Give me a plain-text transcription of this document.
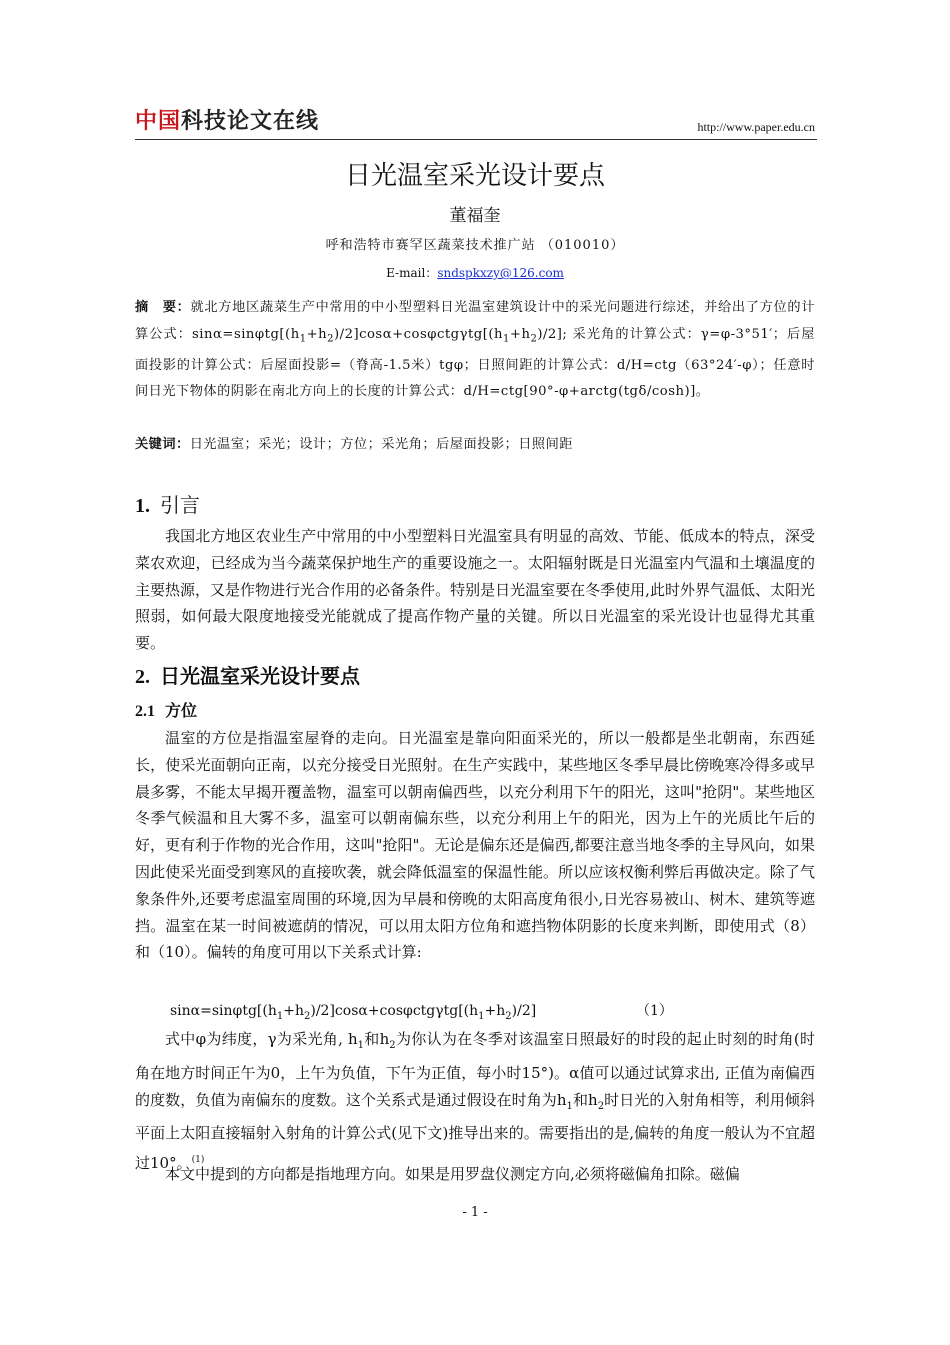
中国科技论文在线	http://www.paper.edu.cn
日光温室采光设计要点
董福奎
呼和浩特市赛罕区蔬菜技术推广站 （010010）
E-mail：sndspkxzy@126.com
摘　要：就北方地区蔬菜生产中常用的中小型塑料日光温室建筑设计中的采光问题进行综述，并给出了方位的计算公式：$\sin\alpha=\sin\varphi tg[(h_1+h_2)/2]\cos\alpha+\cos\varphi ctg\gamma tg[(h_1+h_2)/2]$; 采光角的计算公式：γ=φ-3°51′；后屋面投影的计算公式：后屋面投影=（脊高-1.5米）tgφ；日照间距的计算公式：d/H=ctg（63°24′-φ）；任意时间日光下物体的阴影在南北方向上的长度的计算公式：d/H=ctg[90°-φ+arctg(tgδ/cosh)]。
关键词：日光温室；采光；设计；方位；采光角；后屋面投影；日照间距
1. 引言
我国北方地区农业生产中常用的中小型塑料日光温室具有明显的高效、节能、低成本的特点，深受菜农欢迎，已经成为当今蔬菜保护地生产的重要设施之一。太阳辐射既是日光温室内气温和土壤温度的主要热源，又是作物进行光合作用的必备条件。特别是日光温室要在冬季使用,此时外界气温低、太阳光照弱，如何最大限度地接受光能就成了提高作物产量的关键。所以日光温室的采光设计也显得尤其重要。
2. 日光温室采光设计要点
2.1 方位
温室的方位是指温室屋脊的走向。日光温室是靠向阳面采光的，所以一般都是坐北朝南，东西延长，使采光面朝向正南，以充分接受日光照射。在生产实践中，某些地区冬季早晨比傍晚寒冷得多或早晨多雾，不能太早揭开覆盖物，温室可以朝南偏西些，以充分利用下午的阳光，这叫"抢阴"。某些地区冬季气候温和且大雾不多，温室可以朝南偏东些，以充分利用上午的阳光，因为上午的光质比午后的好，更有利于作物的光合作用，这叫"抢阳"。无论是偏东还是偏西,都要注意当地冬季的主导风向，如果因此使采光面受到寒风的直接吹袭，就会降低温室的保温性能。所以应该权衡利弊后再做决定。除了气象条件外,还要考虑温室周围的环境,因为早晨和傍晚的太阳高度角很小,日光容易被山、树木、建筑等遮挡。温室在某一时间被遮荫的情况，可以用太阳方位角和遮挡物体阴影的长度来判断，即使用式（8）和（10）。偏转的角度可用以下关系式计算:
$\sin\alpha=\sin\varphi tg[(h_1+h_2)/2]\cos\alpha+\cos\varphi ctg\gamma tg[(h_1+h_2)/2]$	（1）
式中φ为纬度，γ为采光角, $h_1$和$h_2$为你认为在冬季对该温室日照最好的时段的起止时刻的时角(时角在地方时间正午为0，上午为负值，下午为正值，每小时15°)。α值可以通过试算求出, 正值为南偏西的度数，负值为南偏东的度数。这个关系式是通过假设在时角为$h_1$和$h_2$时日光的入射角相等，利用倾斜平面上太阳直接辐射入射角的计算公式(见下文)推导出来的。需要指出的是,偏转的角度一般认为不宜超过10°。$^{(1)}$
本文中提到的方向都是指地理方向。如果是用罗盘仪测定方向,必须将磁偏角扣除。磁偏
- 1 -
